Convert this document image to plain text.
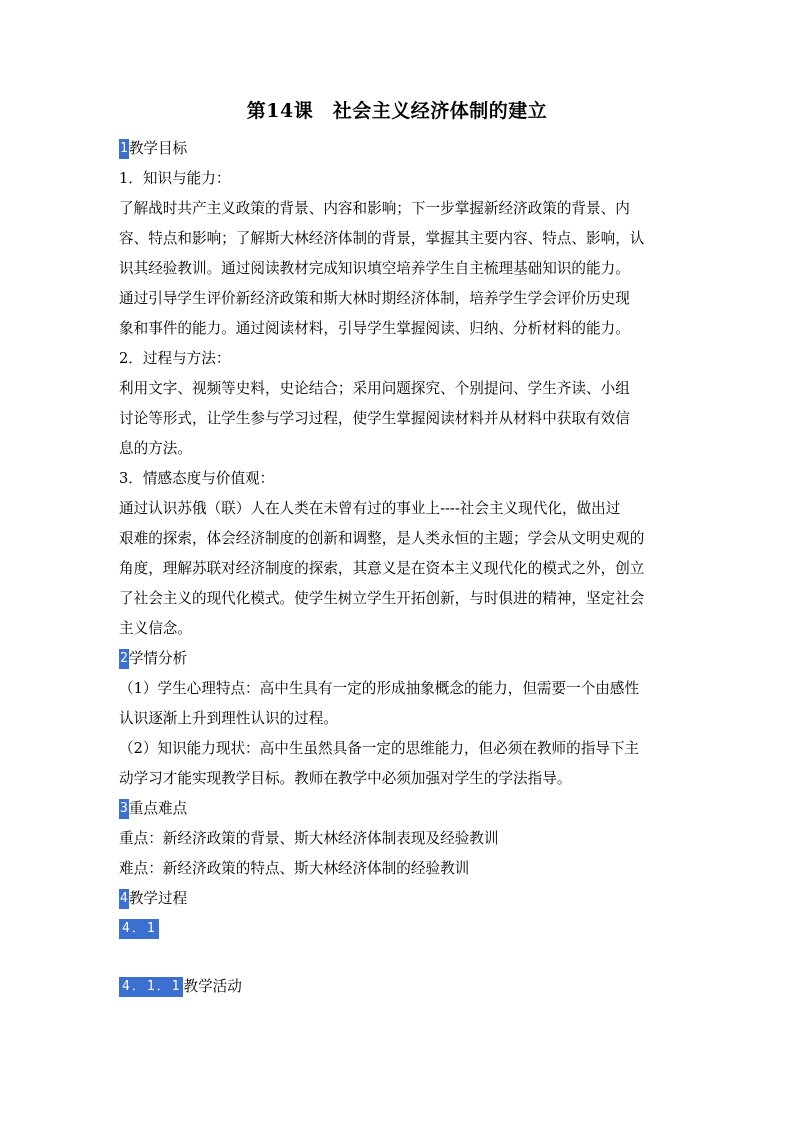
第14课　社会主义经济体制的建立

1教学目标

1．知识与能力：

了解战时共产主义政策的背景、内容和影响；下一步掌握新经济政策的背景、内
容、特点和影响；了解斯大林经济体制的背景，掌握其主要内容、特点、影响，认
识其经验教训。通过阅读教材完成知识填空培养学生自主梳理基础知识的能力。
通过引导学生评价新经济政策和斯大林时期经济体制，培养学生学会评价历史现
象和事件的能力。通过阅读材料，引导学生掌握阅读、归纳、分析材料的能力。

2．过程与方法：

利用文字、视频等史料，史论结合；采用问题探究、个别提问、学生齐读、小组
讨论等形式，让学生参与学习过程，使学生掌握阅读材料并从材料中获取有效信
息的方法。

3．情感态度与价值观：

通过认识苏俄（联）人在人类在未曾有过的事业上----社会主义现代化，做出过
艰难的探索，体会经济制度的创新和调整，是人类永恒的主题；学会从文明史观的
角度，理解苏联对经济制度的探索，其意义是在资本主义现代化的模式之外，创立
了社会主义的现代化模式。使学生树立学生开拓创新，与时俱进的精神，坚定社会
主义信念。

2学情分析

（1）学生心理特点：高中生具有一定的形成抽象概念的能力，但需要一个由感性
认识逐渐上升到理性认识的过程。

（2）知识能力现状：高中生虽然具备一定的思维能力，但必须在教师的指导下主
动学习才能实现教学目标。教师在教学中必须加强对学生的学法指导。

3重点难点

重点：新经济政策的背景、斯大林经济体制表现及经验教训

难点：新经济政策的特点、斯大林经济体制的经验教训

4教学过程

4．1

4．1．1 教学活动
